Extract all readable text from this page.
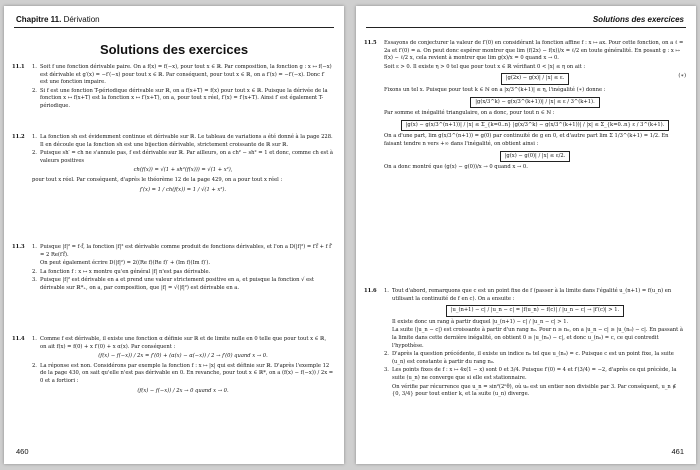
Chapitre 11. Dérivation
Solutions des exercices
11.1 1. Soit f une fonction dérivable paire. On a f(x) = f(−x), pour tout x ∈ ℝ. Par composition, la fonction g : x ↦ f(−x) est dérivable et g′(x) = −f′(−x) pour tout x ∈ ℝ. Par conséquent, pour tout x ∈ ℝ, on a f′(x) = −f′(−x). Donc f′ est une fonction impaire.
2. Si f est une fonction T-périodique dérivable sur ℝ, on a f(x+T) = f(x) pour tout x ∈ ℝ. Puisque la dérivée de la fonction x ↦ f(x+T) est la fonction x ↦ f′(x+T), on a, pour tout x réel, f′(x) = f′(x+T). Ainsi f′ est également T-périodique.
11.2 1. La fonction sh est évidemment continue et dérivable sur ℝ. Le tableau de variations a été donné à la page 228. Il en découle que la fonction sh est une bijection dérivable, strictement croissante de ℝ sur ℝ.
2. Puisque sh′ = ch ne s'annule pas, f est dérivable sur ℝ. Par ailleurs, on a ch² − sh² = 1 et donc, comme ch est à valeurs positives
ch(f(x)) = √(1 + sh²(f(x))) = √(1 + x²),

pour tout x réel. Par conséquent, d'après le théorème 12 de la page 429, on a pour tout x réel :

f′(x) = 1 / ch(f(x)) = 1 / √(1 + x²).
11.3 1. Puisque |f|² = f·f̄, la fonction |f|² est dérivable comme produit de fonctions dérivables, et l'on a D(|f|²) = f′f̄ + f f̄′ = 2 Re(f′f̄).
On peut également écrire D(|f|²) = 2((Re f)(Re f)′ + (Im f)(Im f)′).
2. La fonction f : x ↦ x montre qu'en général |f| n'est pas dérivable.
3. Puisque |f|² est dérivable en a et prend une valeur strictement positive en a, et puisque la fonction √ est dérivable sur ℝ*₊, on a, par composition, que |f| = √(|f|²) est dérivable en a.
11.4 1. Comme f est dérivable, il existe une fonction α définie sur ℝ et de limite nulle en 0 telle que pour tout x ∈ ℝ, on ait f(x) = f(0) + x f′(0) + x α(x). Par conséquent :
(f(x) − f(−x)) / 2x = f′(0) + (α(x) − α(−x)) / 2 → f′(0) quand x → 0.
2. La réponse est non. Considérons par exemple la fonction f : x ↦ |x| qui est définie sur ℝ. D'après l'exemple 12 de la page 430, on sait qu'elle n'est pas dérivable en 0. En revanche, pour tout x ∈ ℝ*, on a (f(x) − f(−x)) / 2x = 0 et a fortiori :
(f(x) − f(−x)) / 2x → 0 quand x → 0.
460
Solutions des exercices
11.5 Essayons de conjecturer la valeur de f′(0) en considérant la fonction affine f : x ↦ ax. Pour cette fonction, on a ℓ = 2a et f′(0) = a. On peut donc espérer montrer que lim (f(2x) − f(x))/x = ℓ/2 en toute généralité. En posant g : x ↦ f(x) − ℓ/2 x, cela revient à montrer que lim g(x)/x = 0 quand x → 0.

Soit ε > 0. Il existe η > 0 tel que pour tout x ∈ ℝ vérifiant 0 < |x| ≤ η on ait :

|g(2x) − g(x)| / |x| ≤ ε.	(∗)

Fixons un tel x. Puisque pour tout k ∈ ℕ on a |x/3^(k+1)| ≤ η, l'inégalité (∗) donne :

|g(x/3^k) − g(x/3^(k+1))| / |x| ≤ ε / 3^(k+1).

Par somme et inégalité triangulaire, on a donc, pour tout n ∈ ℕ :

|g(x) − g(x/3^(n+1))| / |x| ≤ Σ_{k=0..n} |g(x/3^k) − g(x/3^(k+1))| / |x| ≤ Σ_{k=0..n} ε / 3^(k+1).

On a d'une part, lim g(x/3^(n+1)) = g(0) par continuité de g en 0, et d'autre part lim Σ 1/3^(k+1) = 1/2. En faisant tendre n vers +∞ dans l'inégalité, on obtient ainsi :

|g(x) − g(0)| / |x| ≤ ε/2.

On a donc montré que (g(x) − g(0))/x → 0 quand x → 0.

11.6 1. Tout d'abord, remarquons que c est un point fixe de f (passer à la limite dans l'égalité u_(n+1) = f(u_n) en utilisant la continuité de f en c). On a ensuite :
|u_(n+1) − c| / |u_n − c| = |f(u_n) − f(c)| / |u_n − c| → |f′(c)| > 1.

Il existe donc un rang à partir duquel |u_(n+1) − c| / |u_n − c| > 1.

La suite (|u_n − c|) est croissante à partir d'un rang n₀. Pour n ≥ n₀, on a |u_n − c| ≥ |u_(n₀) − c|. En passant à la limite dans cette dernière inégalité, on obtient 0 ≥ |u_(n₀) − c|, et donc u_(n₀) = c, ce qui contredit l'hypothèse.

2. D'après la question précédente, il existe un indice n₀ tel que u_(n₀) = c. Puisque c est un point fixe, la suite (u_n) est constante à partir du rang n₀.
3. Les points fixes de f : x ↦ 4x(1 − x) sont 0 et 3/4. Puisque f′(0) = 4 et f′(3/4) = −2, d'après ce qui précède, la suite (u_n) ne converge que si elle est stationnaire.

On vérifie par récurrence que u_n = sin²(2ⁿθ), où u₀ est un entier non divisible par 3. Par conséquent, u_n ∉ {0, 3/4} pour tout entier k, et la suite (u_n) diverge.

461
